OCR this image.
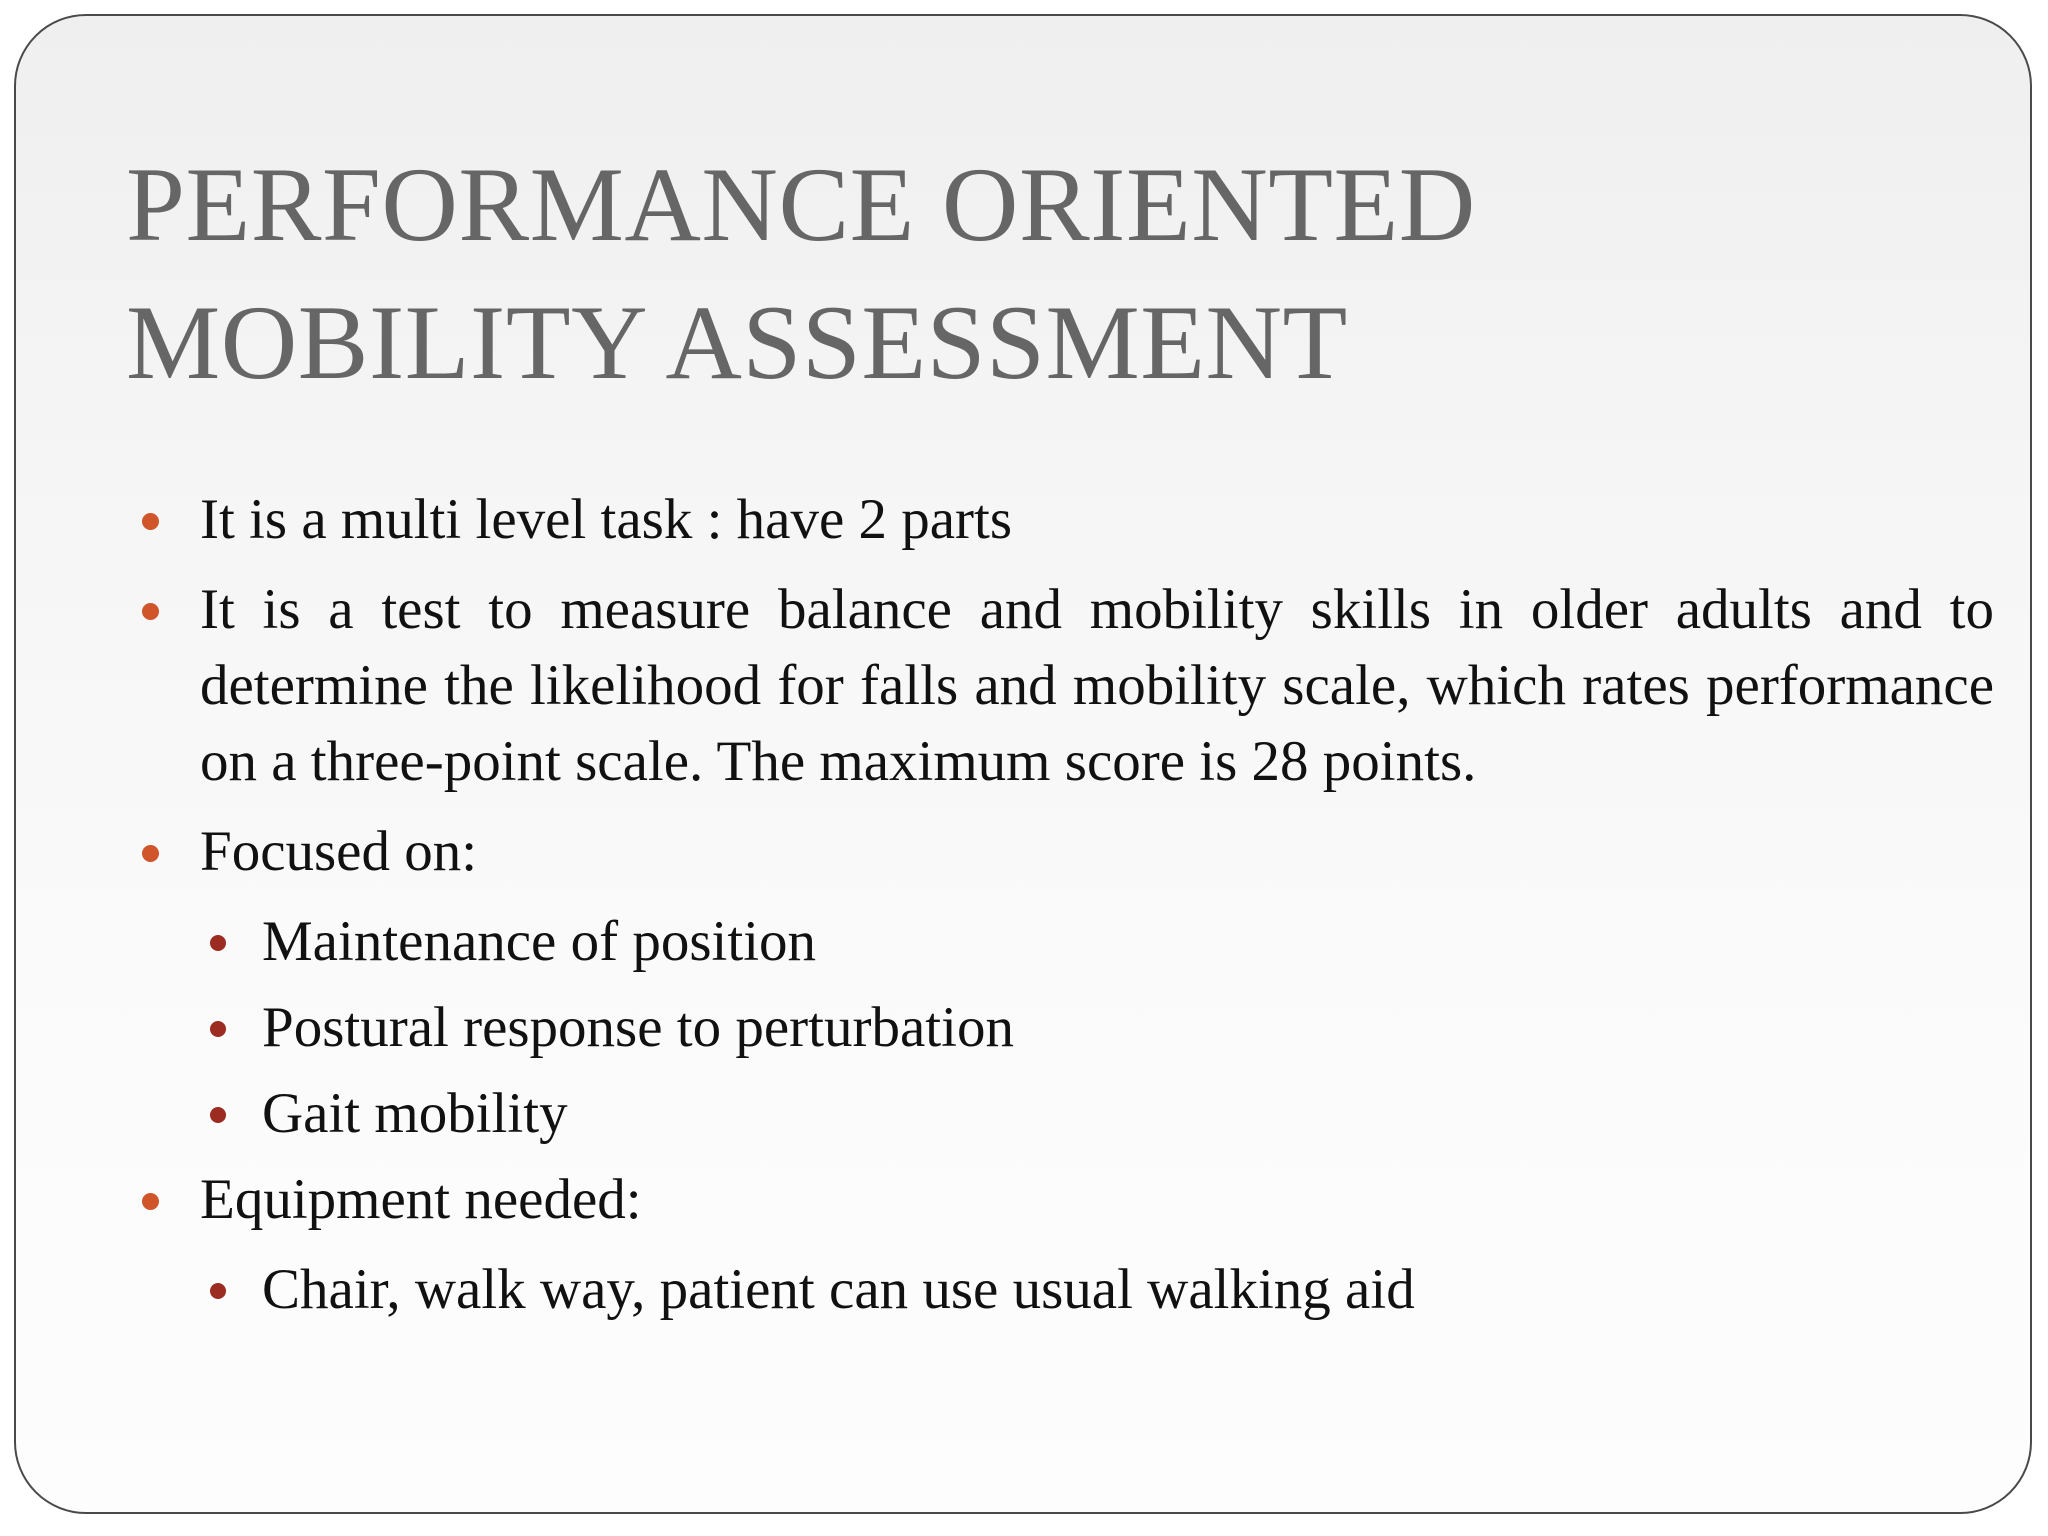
PERFORMANCE ORIENTED
MOBILITY ASSESSMENT
It is a multi level task : have 2 parts
It is a test to measure balance and mobility skills in older adults and to determine the likelihood for falls and mobility scale, which rates performance on a three-point scale. The maximum score is 28 points.
Focused on:
Maintenance of position
Postural response to perturbation
Gait mobility
Equipment needed:
Chair, walk way, patient can use usual walking aid
